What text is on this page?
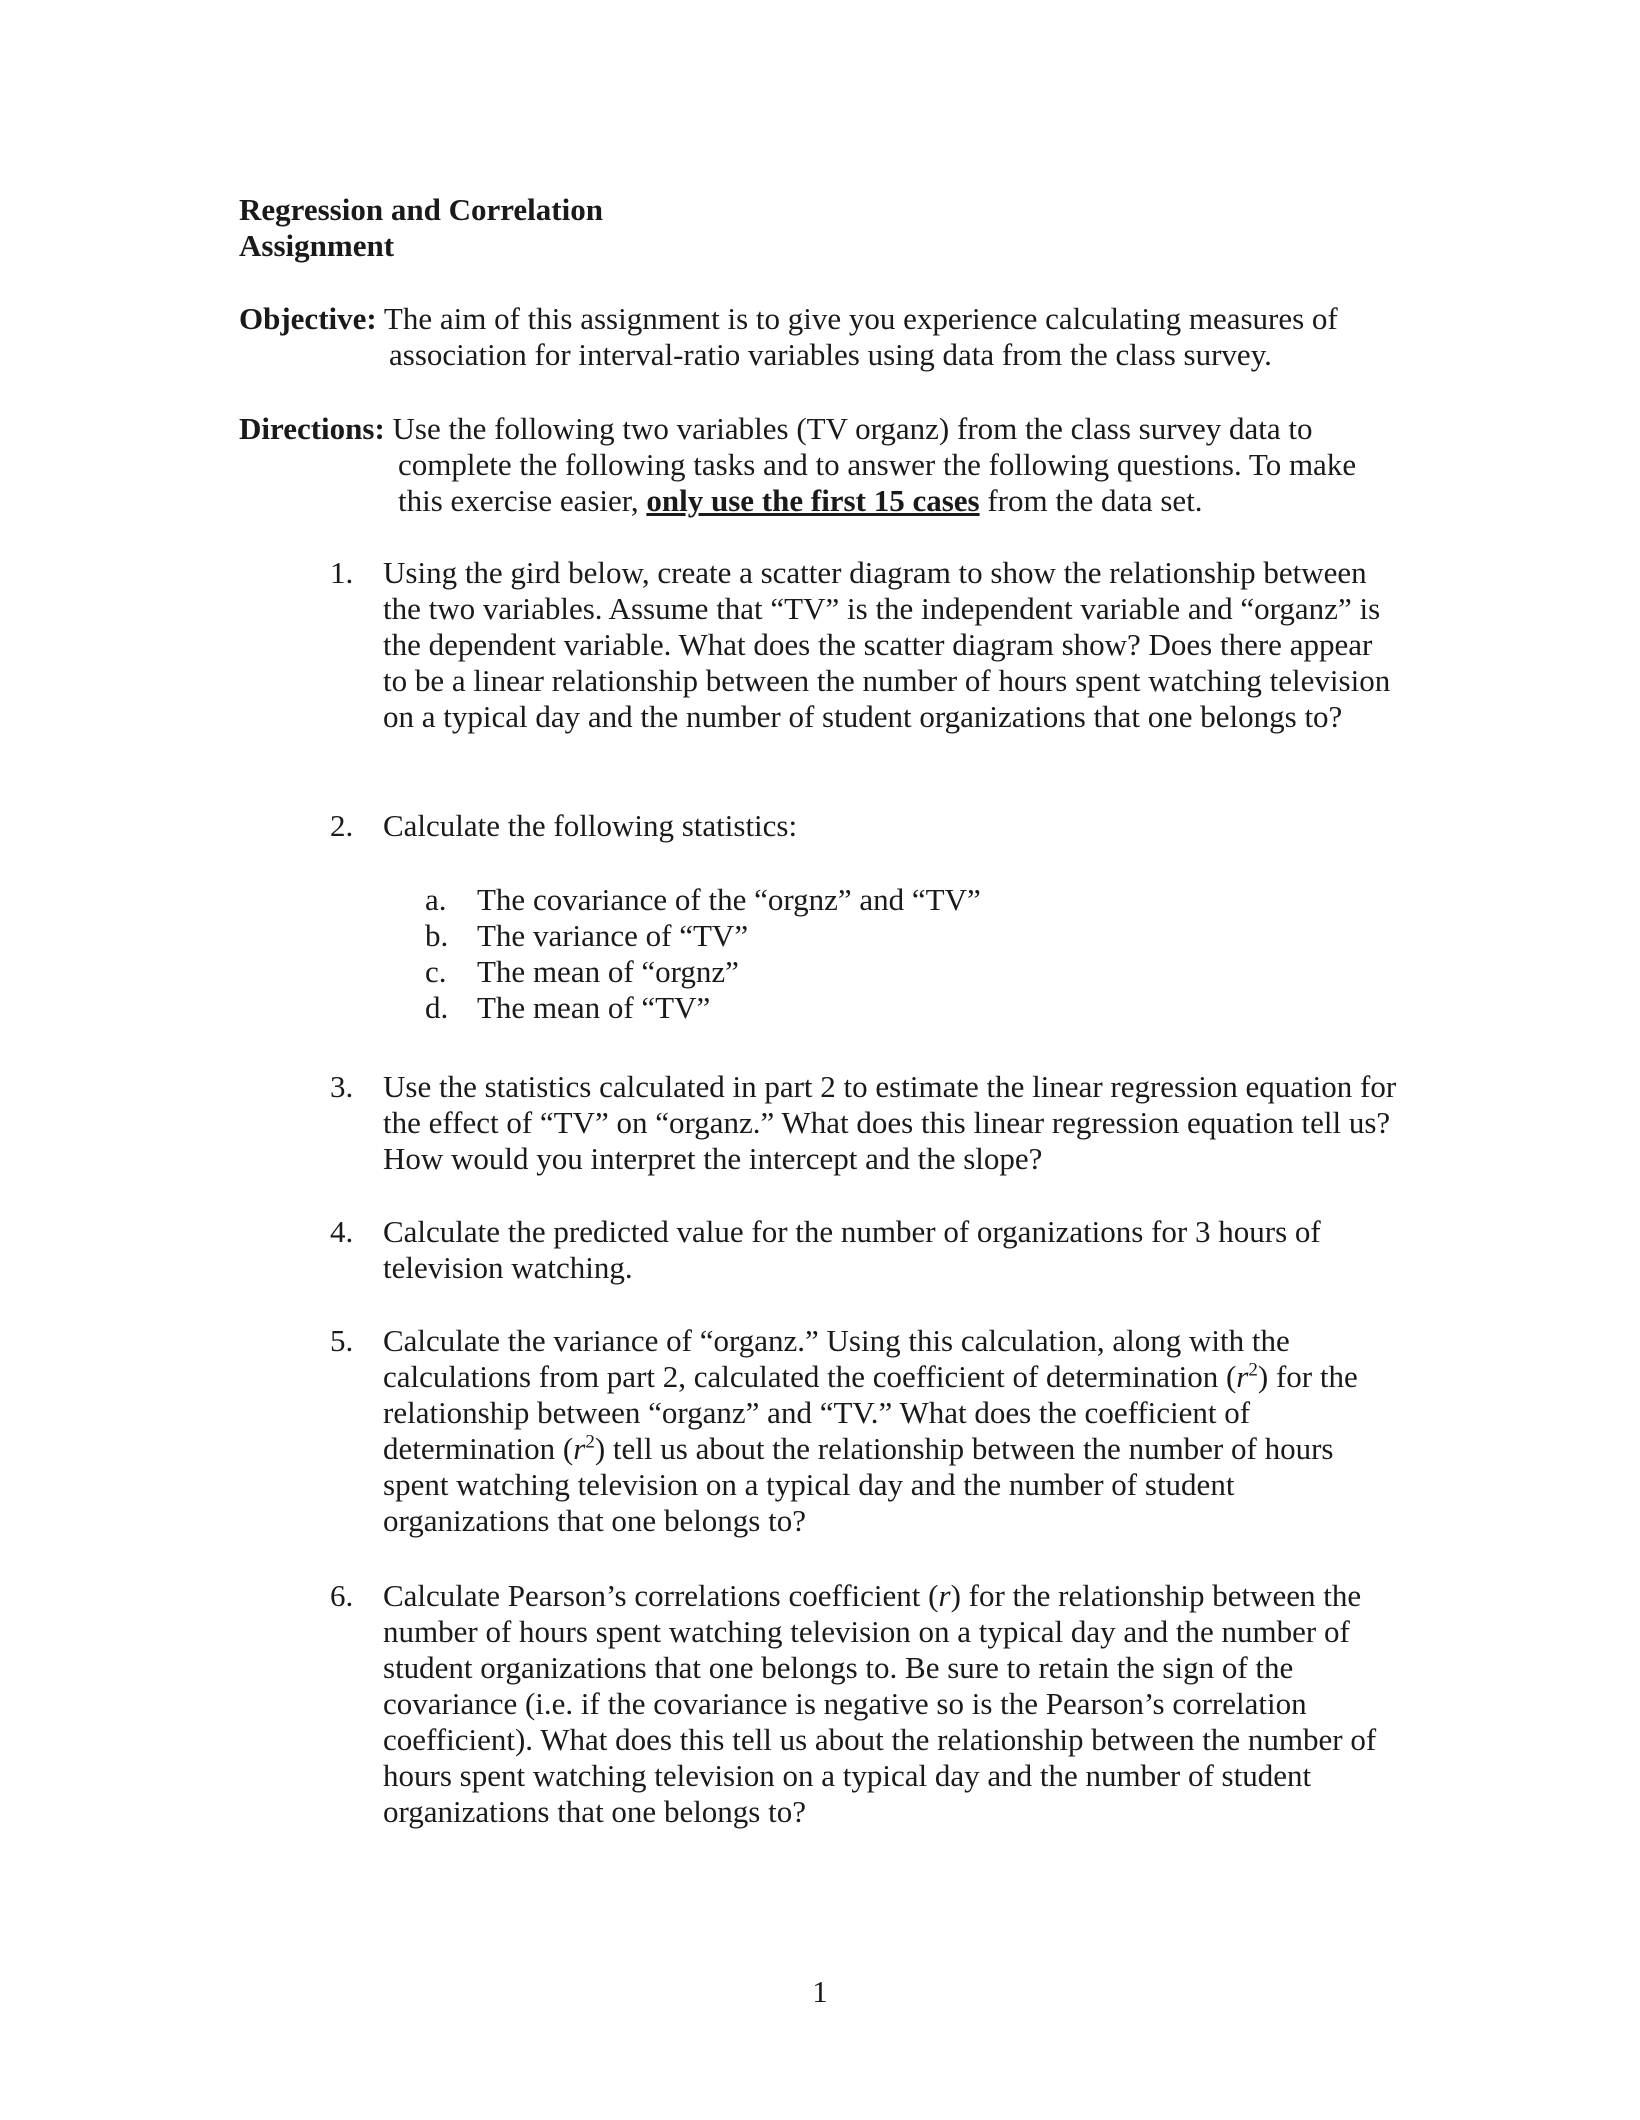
Regression and Correlation
Assignment
Objective: The aim of this assignment is to give you experience calculating measures of association for interval-ratio variables using data from the class survey.
Directions: Use the following two variables (TV organz) from the class survey data to complete the following tasks and to answer the following questions. To make this exercise easier, only use the first 15 cases from the data set.
1. Using the gird below, create a scatter diagram to show the relationship between the two variables. Assume that “TV” is the independent variable and “organz” is the dependent variable. What does the scatter diagram show? Does there appear to be a linear relationship between the number of hours spent watching television on a typical day and the number of student organizations that one belongs to?
2. Calculate the following statistics:
a. The covariance of the “orgnz” and “TV”
b. The variance of “TV”
c. The mean of “orgnz”
d. The mean of “TV”
3. Use the statistics calculated in part 2 to estimate the linear regression equation for the effect of “TV” on “organz.” What does this linear regression equation tell us? How would you interpret the intercept and the slope?
4. Calculate the predicted value for the number of organizations for 3 hours of television watching.
5. Calculate the variance of “organz.” Using this calculation, along with the calculations from part 2, calculated the coefficient of determination $(r^2)$ for the relationship between “organz” and “TV.” What does the coefficient of determination $(r^2)$ tell us about the relationship between the number of hours spent watching television on a typical day and the number of student organizations that one belongs to?
6. Calculate Pearson’s correlations coefficient (r) for the relationship between the number of hours spent watching television on a typical day and the number of student organizations that one belongs to. Be sure to retain the sign of the covariance (i.e. if the covariance is negative so is the Pearson’s correlation coefficient). What does this tell us about the relationship between the number of hours spent watching television on a typical day and the number of student organizations that one belongs to?
1
